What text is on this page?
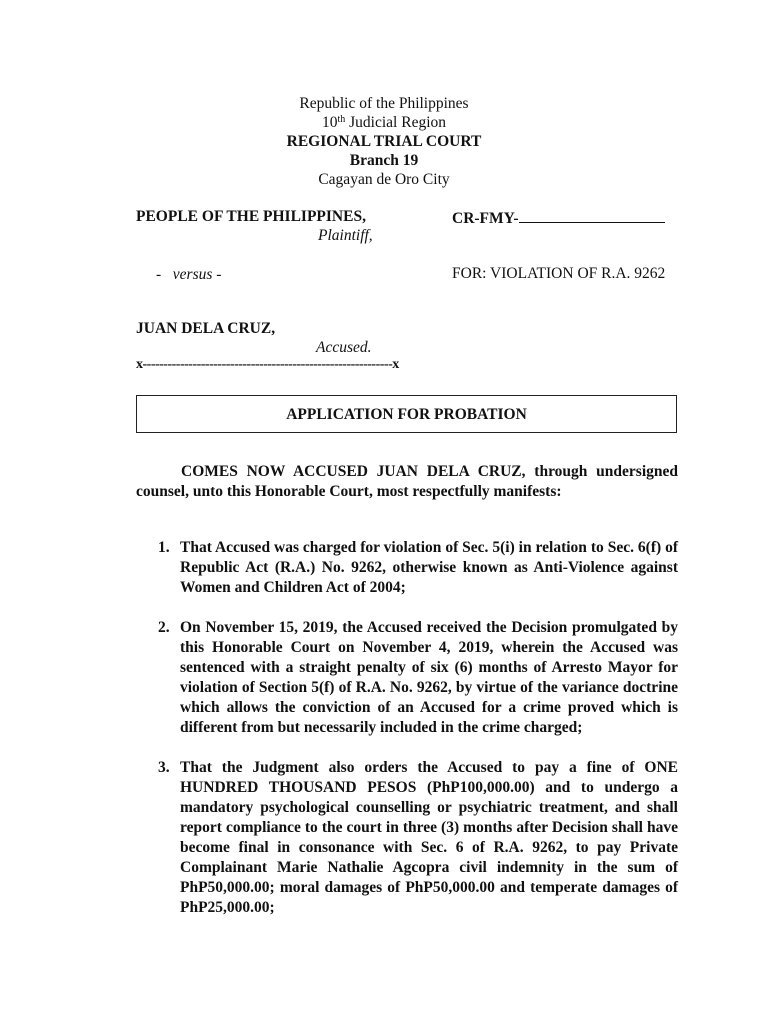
Republic of the Philippines
10th Judicial Region
REGIONAL TRIAL COURT
Branch 19
Cagayan de Oro City
PEOPLE OF THE PHILIPPINES,
Plaintiff,
-   versus -
JUAN DELA CRUZ,
Accused.
x------------------------------------------------------------x
CR-FMY-
FOR: VIOLATION OF R.A. 9262
APPLICATION FOR PROBATION
COMES NOW ACCUSED JUAN DELA CRUZ, through undersigned counsel, unto this Honorable Court, most respectfully manifests:
1. That Accused was charged for violation of Sec. 5(i) in relation to Sec. 6(f) of Republic Act (R.A.) No. 9262, otherwise known as Anti-Violence against Women and Children Act of 2004;
2. On November 15, 2019, the Accused received the Decision promulgated by this Honorable Court on November 4, 2019, wherein the Accused was sentenced with a straight penalty of six (6) months of Arresto Mayor for violation of Section 5(f) of R.A. No. 9262, by virtue of the variance doctrine which allows the conviction of an Accused for a crime proved which is different from but necessarily included in the crime charged;
3. That the Judgment also orders the Accused to pay a fine of ONE HUNDRED THOUSAND PESOS (PhP100,000.00) and to undergo a mandatory psychological counselling or psychiatric treatment, and shall report compliance to the court in three (3) months after Decision shall have become final in consonance with Sec. 6 of R.A. 9262, to pay Private Complainant Marie Nathalie Agcopra civil indemnity in the sum of PhP50,000.00; moral damages of PhP50,000.00 and temperate damages of PhP25,000.00;
